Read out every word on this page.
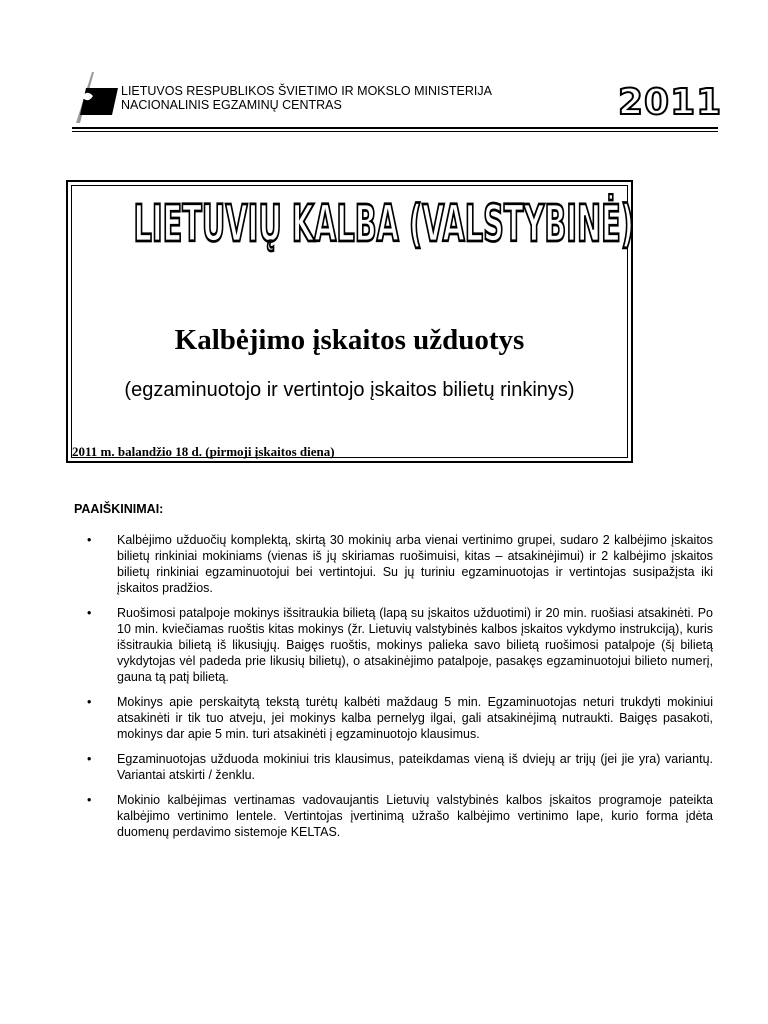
LIETUVOS RESPUBLIKOS ŠVIETIMO IR MOKSLO MINISTERIJA
NACIONALINIS EGZAMINŲ CENTRAS	2011
LIETUVIŲ KALBA (VALSTYBINĖ)
Kalbėjimo įskaitos užduotys
(egzaminuotojo ir vertintojo įskaitos bilietų rinkinys)
2011 m. balandžio 18 d. (pirmoji įskaitos diena)
PAAIŠKINIMAI:
• Kalbėjimo užduočių komplektą, skirtą 30 mokinių arba vienai vertinimo grupei, sudaro 2 kalbėjimo įskaitos bilietų rinkiniai mokiniams (vienas iš jų skiriamas ruošimuisi, kitas – atsakinėjimui) ir 2 kalbėjimo įskaitos bilietų rinkiniai egzaminuotojui bei vertintojui. Su jų turiniu egzaminuotojas ir vertintojas susipažįsta iki įskaitos pradžios.
• Ruošimosi patalpoje mokinys išsitraukia bilietą (lapą su įskaitos užduotimi) ir 20 min. ruošiasi atsakinėti. Po 10 min. kviečiamas ruoštis kitas mokinys (žr. Lietuvių valstybinės kalbos įskaitos vykdymo instrukciją), kuris išsitraukia bilietą iš likusiųjų. Baigęs ruoštis, mokinys palieka savo bilietą ruošimosi patalpoje (šį bilietą vykdytojas vėl padeda prie likusių bilietų), o atsakinėjimo patalpoje, pasakęs egzaminuotojui bilieto numerį, gauna tą patį bilietą.
• Mokinys apie perskaitytą tekstą turėtų kalbėti maždaug 5 min. Egzaminuotojas neturi trukdyti mokiniui atsakinėti ir tik tuo atveju, jei mokinys kalba pernelyg ilgai, gali atsakinėjimą nutraukti. Baigęs pasakoti, mokinys dar apie 5 min. turi atsakinėti į egzaminuotojo klausimus.
• Egzaminuotojas užduoda mokiniui tris klausimus, pateikdamas vieną iš dviejų ar trijų (jei jie yra) variantų. Variantai atskirti / ženklu.
• Mokinio kalbėjimas vertinamas vadovaujantis Lietuvių valstybinės kalbos įskaitos programoje pateikta kalbėjimo vertinimo lentele. Vertintojas įvertinimą užrašo kalbėjimo vertinimo lape, kurio forma įdėta duomenų perdavimo sistemoje KELTAS.
